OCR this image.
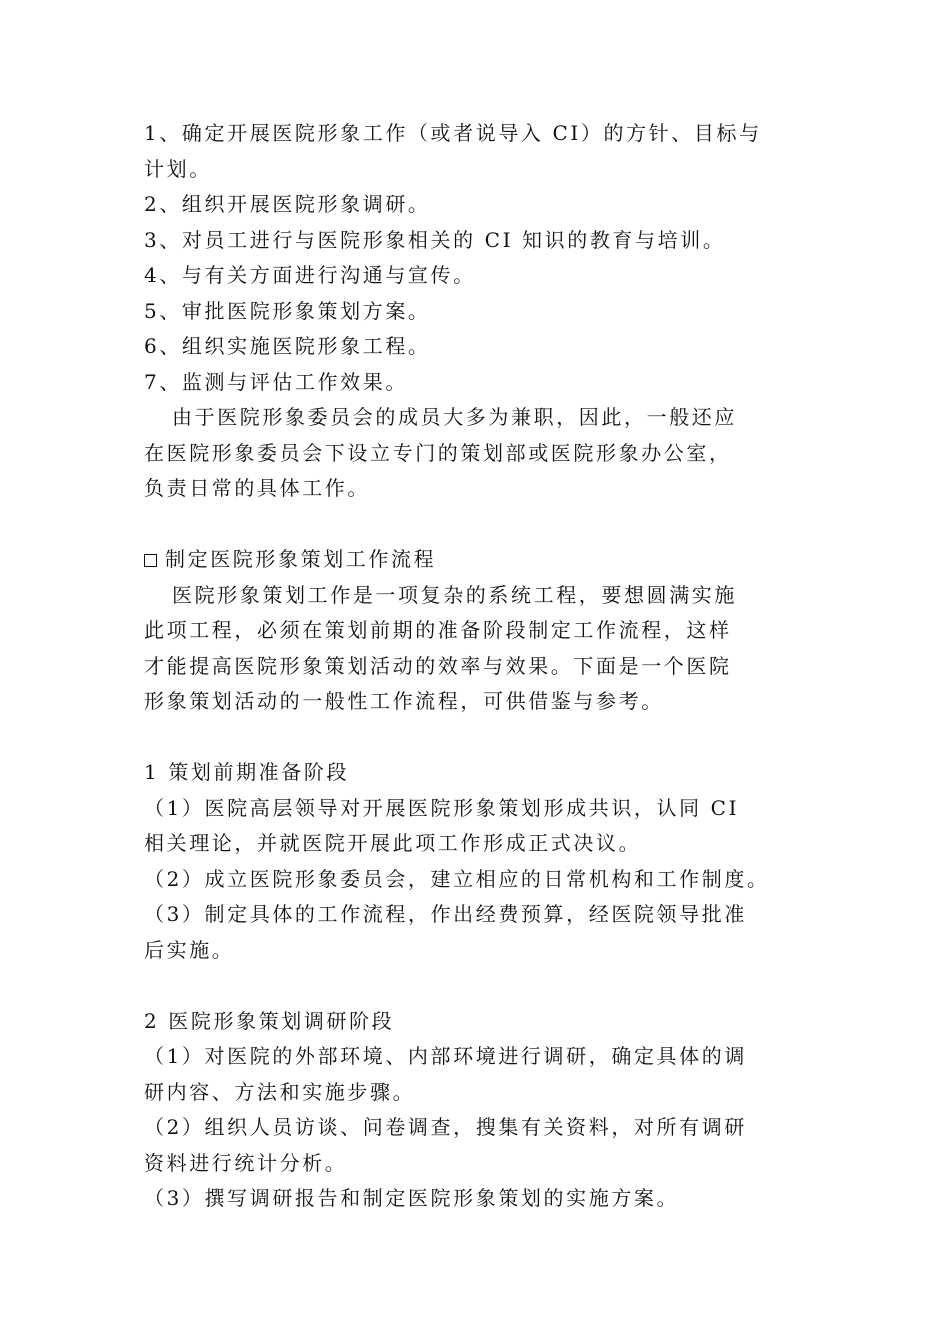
1、确定开展医院形象工作（或者说导入 CI）的方针、目标与
计划。
2、组织开展医院形象调研。
3、对员工进行与医院形象相关的 CI 知识的教育与培训。
4、与有关方面进行沟通与宣传。
5、审批医院形象策划方案。
6、组织实施医院形象工程。
7、监测与评估工作效果。
由于医院形象委员会的成员大多为兼职，因此，一般还应
在医院形象委员会下设立专门的策划部或医院形象办公室，
负责日常的具体工作。
制定医院形象策划工作流程
医院形象策划工作是一项复杂的系统工程，要想圆满实施
此项工程，必须在策划前期的准备阶段制定工作流程，这样
才能提高医院形象策划活动的效率与效果。下面是一个医院
形象策划活动的一般性工作流程，可供借鉴与参考。
1 策划前期准备阶段
（1）医院高层领导对开展医院形象策划形成共识，认同 CI
相关理论，并就医院开展此项工作形成正式决议。
（2）成立医院形象委员会，建立相应的日常机构和工作制度。
（3）制定具体的工作流程，作出经费预算，经医院领导批准
后实施。
2 医院形象策划调研阶段
（1）对医院的外部环境、内部环境进行调研，确定具体的调
研内容、方法和实施步骤。
（2）组织人员访谈、问卷调查，搜集有关资料，对所有调研
资料进行统计分析。
（3）撰写调研报告和制定医院形象策划的实施方案。
